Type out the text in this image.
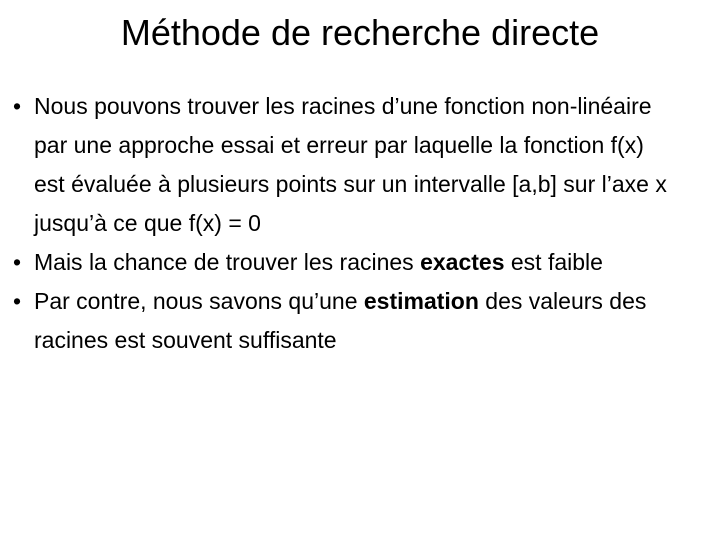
Méthode de recherche directe
• Nous pouvons trouver les racines d’une fonction non-linéaire par une approche essai et erreur par laquelle la fonction f(x) est évaluée à plusieurs points sur un intervalle [a,b] sur l’axe x jusqu’à ce que f(x) = 0
• Mais la chance de trouver les racines exactes est faible
• Par contre, nous savons qu’une estimation des valeurs des racines est souvent suffisante
